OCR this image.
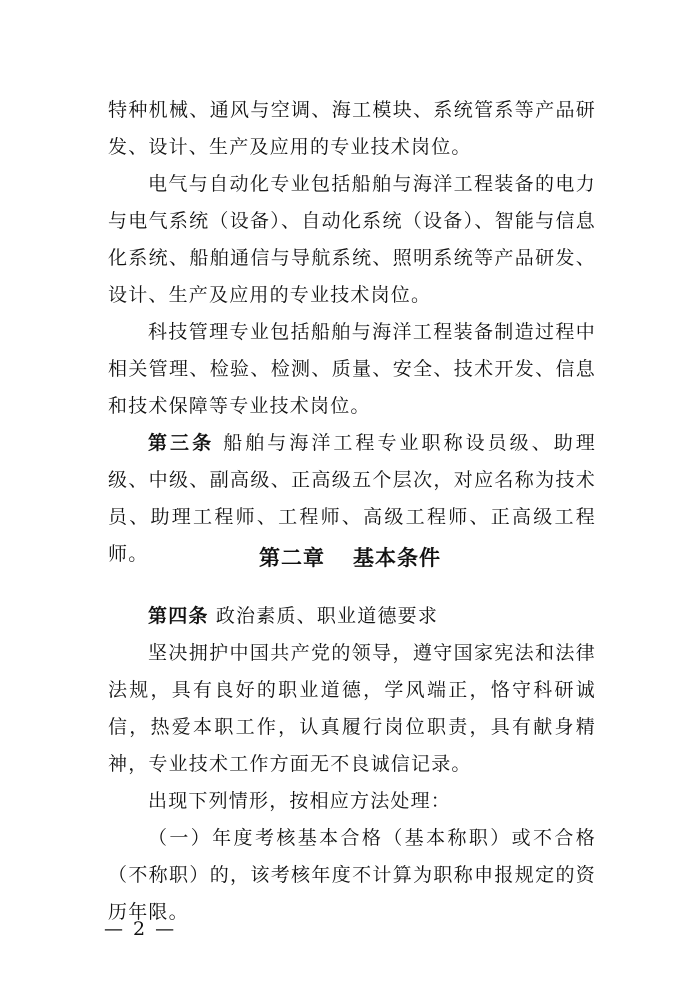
特种机械、通风与空调、海工模块、系统管系等产品研发、设计、生产及应用的专业技术岗位。

电气与自动化专业包括船舶与海洋工程装备的电力与电气系统（设备）、自动化系统（设备）、智能与信息化系统、船舶通信与导航系统、照明系统等产品研发、设计、生产及应用的专业技术岗位。

科技管理专业包括船舶与海洋工程装备制造过程中相关管理、检验、检测、质量、安全、技术开发、信息和技术保障等专业技术岗位。

第三条 船舶与海洋工程专业职称设员级、助理级、中级、副高级、正高级五个层次，对应名称为技术员、助理工程师、工程师、高级工程师、正高级工程师。	第二章 基本条件

第四条 政治素质、职业道德要求

坚决拥护中国共产党的领导，遵守国家宪法和法律法规，具有良好的职业道德，学风端正，恪守科研诚信，热爱本职工作，认真履行岗位职责，具有献身精神，专业技术工作方面无不良诚信记录。

出现下列情形，按相应方法处理：

（一）年度考核基本合格（基本称职）或不合格（不称职）的，该考核年度不计算为职称申报规定的资历年限。

— 2 —
